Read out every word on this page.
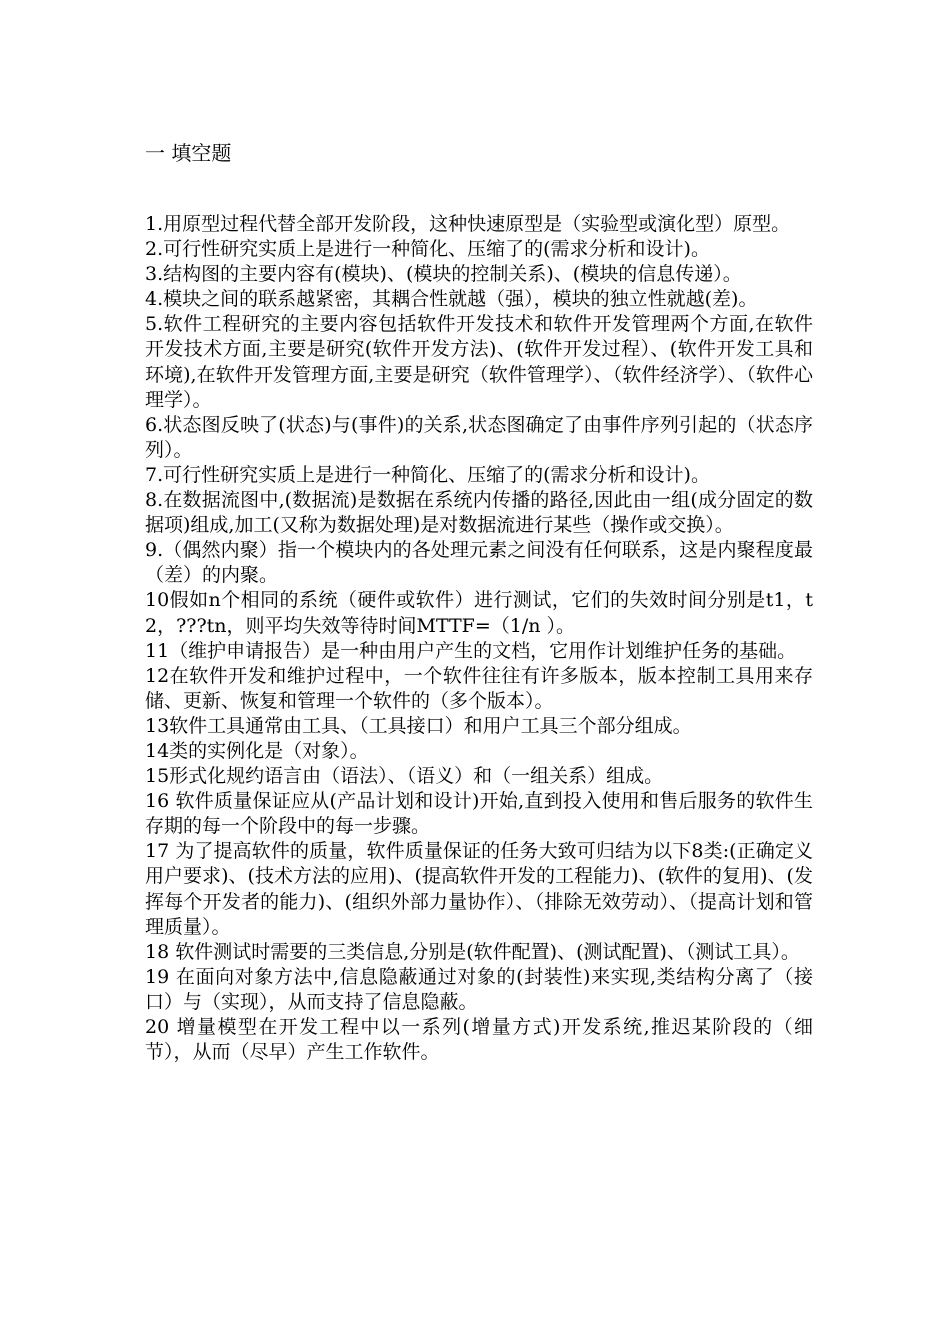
一 填空题
1.用原型过程代替全部开发阶段，这种快速原型是（实验型或演化型）原型。
2.可行性研究实质上是进行一种简化、压缩了的(需求分析和设计)。
3.结构图的主要内容有(模块)、(模块的控制关系)、(模块的信息传递）。
4.模块之间的联系越紧密，其耦合性就越（强），模块的独立性就越(差)。
5.软件工程研究的主要内容包括软件开发技术和软件开发管理两个方面,在软件开发技术方面,主要是研究(软件开发方法)、(软件开发过程）、(软件开发工具和环境),在软件开发管理方面,主要是研究（软件管理学）、（软件经济学）、（软件心理学）。
6.状态图反映了(状态)与(事件)的关系,状态图确定了由事件序列引起的（状态序列）。
7.可行性研究实质上是进行一种简化、压缩了的(需求分析和设计)。
8.在数据流图中,(数据流)是数据在系统内传播的路径,因此由一组(成分固定的数据项)组成,加工(又称为数据处理)是对数据流进行某些（操作或交换）。
9.（偶然内聚）指一个模块内的各处理元素之间没有任何联系，这是内聚程度最（差）的内聚。
10假如n个相同的系统（硬件或软件）进行测试，它们的失效时间分别是t1，t2，???tn，则平均失效等待时间MTTF=（1/n ）。
11（维护申请报告）是一种由用户产生的文档，它用作计划维护任务的基础。
12在软件开发和维护过程中，一个软件往往有许多版本，版本控制工具用来存储、更新、恢复和管理一个软件的（多个版本）。
13软件工具通常由工具、（工具接口）和用户工具三个部分组成。
14类的实例化是（对象）。
15形式化规约语言由（语法）、（语义）和（一组关系）组成。
16 软件质量保证应从(产品计划和设计)开始,直到投入使用和售后服务的软件生存期的每一个阶段中的每一步骤。
17 为了提高软件的质量，软件质量保证的任务大致可归结为以下8类:(正确定义用户要求)、(技术方法的应用)、(提高软件开发的工程能力)、(软件的复用)、(发挥每个开发者的能力)、(组织外部力量协作）、（排除无效劳动）、（提高计划和管理质量）。
18 软件测试时需要的三类信息,分别是(软件配置)、(测试配置)、（测试工具）。
19 在面向对象方法中,信息隐蔽通过对象的(封装性)来实现,类结构分离了（接口）与（实现），从而支持了信息隐蔽。
20 增量模型在开发工程中以一系列(增量方式)开发系统,推迟某阶段的（细节），从而（尽早）产生工作软件。
